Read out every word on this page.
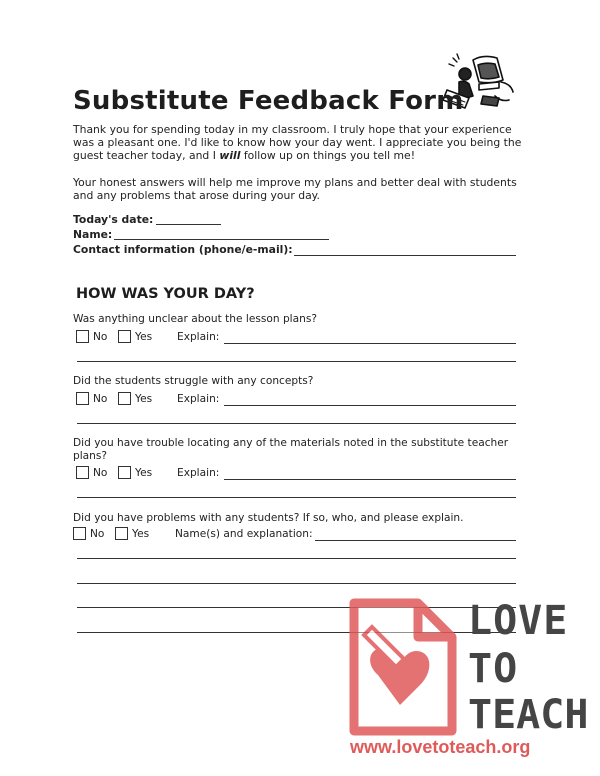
Substitute Feedback Form
Thank you for spending today in my classroom. I truly hope that your experience
was a pleasant one. I'd like to know how your day went. I appreciate you being the
guest teacher today, and I will follow up on things you tell me!
Your honest answers will help me improve my plans and better deal with students
and any problems that arose during your day.
Today's date:
Name:
Contact information (phone/e-mail):
HOW WAS YOUR DAY?
Was anything unclear about the lesson plans?
No	Yes Explain:
Did the students struggle with any concepts?
No	Yes Explain:
Did you have trouble locating any of the materials noted in the substitute teacher
plans?
No	Yes Explain:
Did you have problems with any students? If so, who, and please explain.
No	Yes Name(s) and explanation:
LOVE
TO
TEACH
www.lovetoteach.org
